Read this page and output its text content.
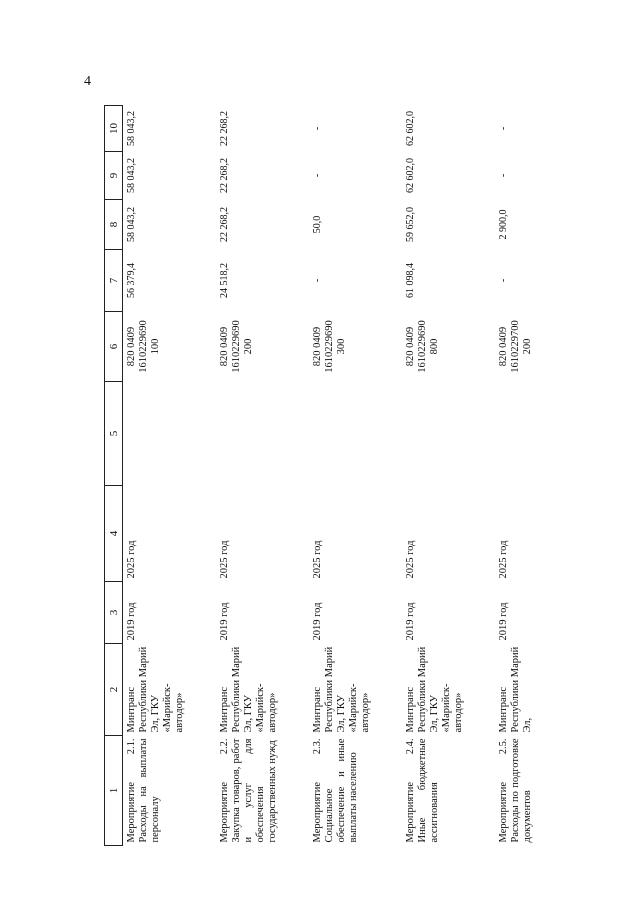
4
1	2	3	4	5	6	7	8	9	10
Мероприятие 2.1. Расходы на выплаты персоналу	Минтранс Республики Марий Эл, ГКУ «Марийск-автодор»	2019 год	2025 год		820 0409 1610229690 100	56 379,4	58 043,2	58 043,2	58 043,2
Мероприятие 2.2. Закупка товаров, работ и услуг для обеспечения государственных нужд	Минтранс Республики Марий Эл, ГКУ «Марийск-автодор»	2019 год	2025 год		820 0409 1610229690 200	24 518,2	22 268,2	22 268,2	22 268,2
Мероприятие 2.3. Социальное обеспечение и иные выплаты населению	Минтранс Республики Марий Эл, ГКУ «Марийск-автодор»	2019 год	2025 год		820 0409 1610229690 300	-	50,0	-	-
Мероприятие 2.4. Иные бюджетные ассигнования	Минтранс Республики Марий Эл, ГКУ «Марийск-автодор»	2019 год	2025 год		820 0409 1610229690 800	61 098,4	59 652,0	62 602,0	62 602,0
Мероприятие 2.5. Расходы по подготовке документов	Минтранс Республики Марий Эл,	2019 год	2025 год		820 0409 1610229700 200	-	2 900,0	-	-
